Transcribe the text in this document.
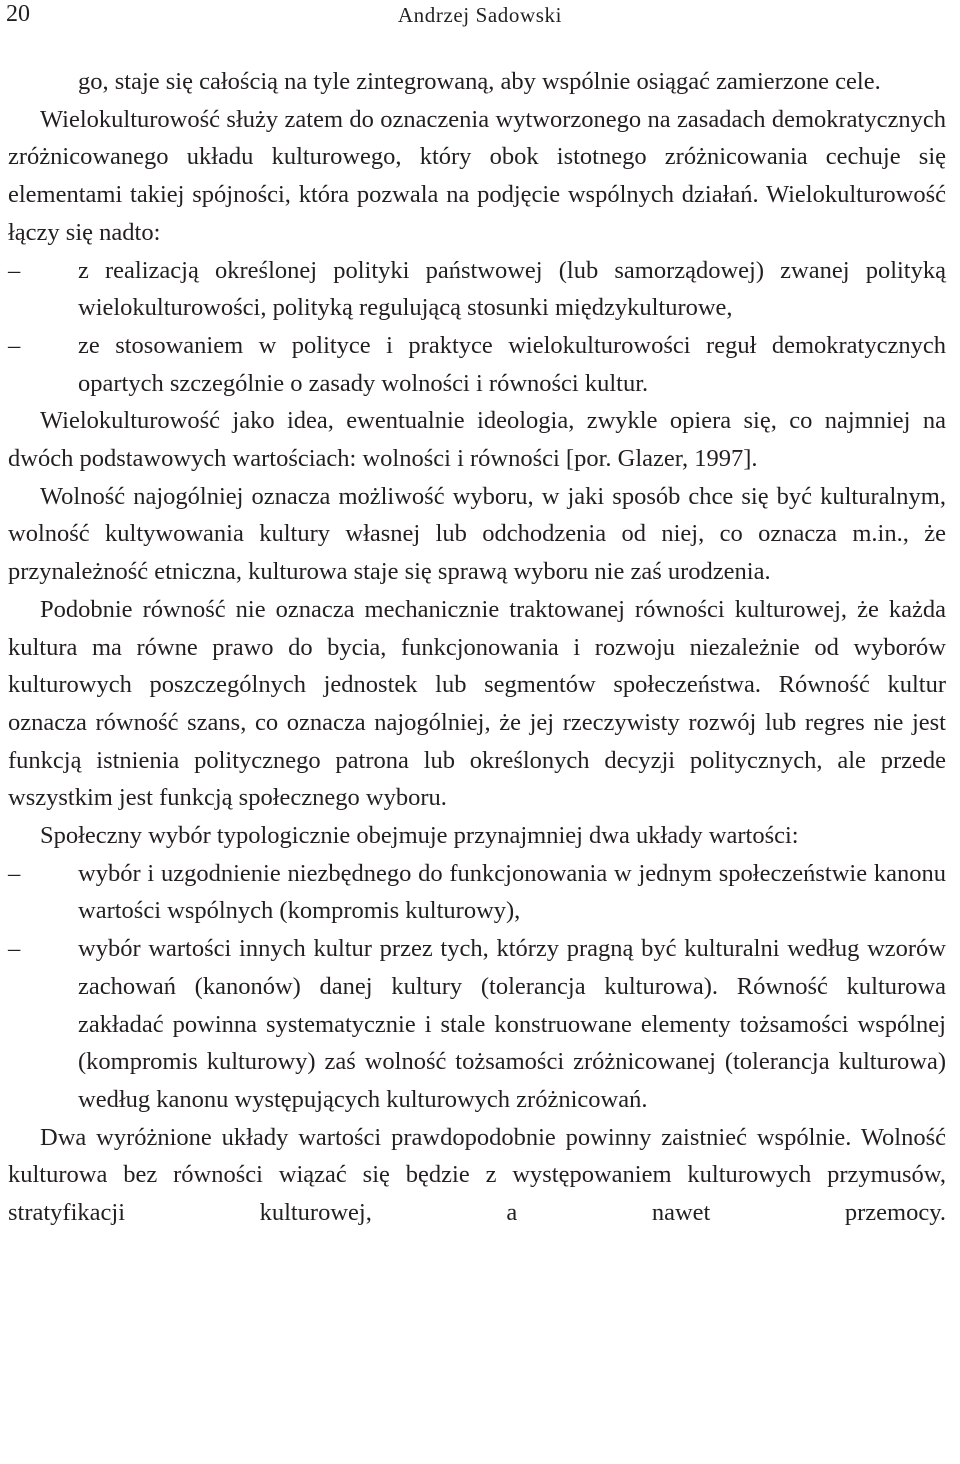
20	Andrzej Sadowski

go, staje się całością na tyle zintegrowaną, aby wspólnie osiągać zamierzone cele.

Wielokulturowość służy zatem do oznaczenia wytworzonego na zasadach demokratycznych zróżnicowanego układu kulturowego, który obok istotnego zróżnicowania cechuje się elementami takiej spójności, która pozwala na podjęcie wspólnych działań. Wielokulturowość łączy się nadto:

–	z realizacją określonej polityki państwowej (lub samorządowej) zwanej polityką wielokulturowości, polityką regulującą stosunki międzykulturowe,
–	ze stosowaniem w polityce i praktyce wielokulturowości reguł demokratycznych opartych szczególnie o zasady wolności i równości kultur.

Wielokulturowość jako idea, ewentualnie ideologia, zwykle opiera się, co najmniej na dwóch podstawowych wartościach: wolności i równości [por. Glazer, 1997].

Wolność najogólniej oznacza możliwość wyboru, w jaki sposób chce się być kulturalnym, wolność kultywowania kultury własnej lub odchodzenia od niej, co oznacza m.in., że przynależność etniczna, kulturowa staje się sprawą wyboru nie zaś urodzenia.

Podobnie równość nie oznacza mechanicznie traktowanej równości kulturowej, że każda kultura ma równe prawo do bycia, funkcjonowania i rozwoju niezależnie od wyborów kulturowych poszczególnych jednostek lub segmentów społeczeństwa. Równość kultur oznacza równość szans, co oznacza najogólniej, że jej rzeczywisty rozwój lub regres nie jest funkcją istnienia politycznego patrona lub określonych decyzji politycznych, ale przede wszystkim jest funkcją społecznego wyboru.

Społeczny wybór typologicznie obejmuje przynajmniej dwa układy wartości:

–	wybór i uzgodnienie niezbędnego do funkcjonowania w jednym społeczeństwie kanonu wartości wspólnych (kompromis kulturowy),
–	wybór wartości innych kultur przez tych, którzy pragną być kulturalni według wzorów zachowań (kanonów) danej kultury (tolerancja kulturowa). Równość kulturowa zakładać powinna systematycznie i stale konstruowane elementy tożsamości wspólnej (kompromis kulturowy) zaś wolność tożsamości zróżnicowanej (tolerancja kulturowa) według kanonu występujących kulturowych zróżnicowań.

Dwa wyróżnione układy wartości prawdopodobnie powinny zaistnieć wspólnie. Wolność kulturowa bez równości wiązać się będzie z występowaniem kulturowych przymusów, stratyfikacji kulturowej, a nawet przemocy.
